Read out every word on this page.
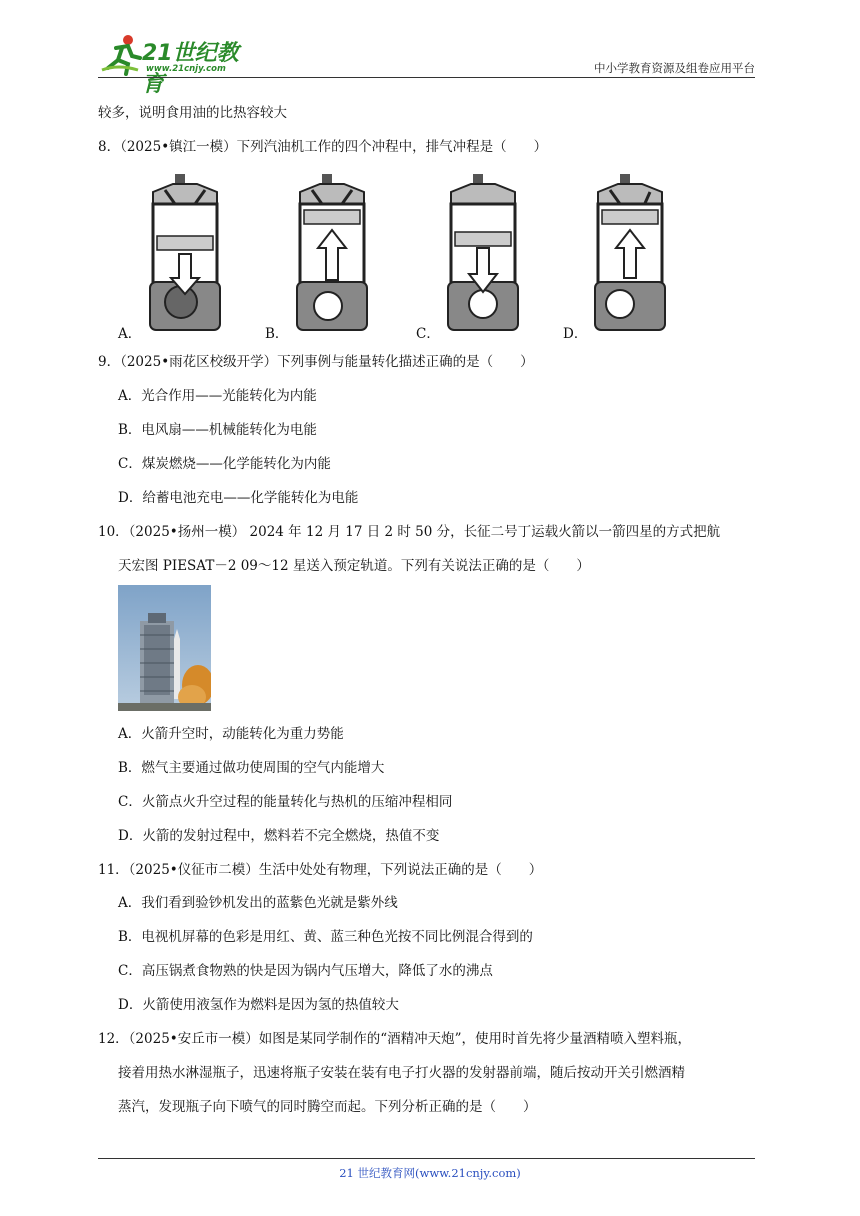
21世纪教育
www.21cnjy.com	中小学教育资源及组卷应用平台
较多，说明食用油的比热容较大
8．（2025•镇江一模）下列汽油机工作的四个冲程中，排气冲程是（　　）
A．	B．	C．	D．
9．（2025•雨花区校级开学）下列事例与能量转化描述正确的是（　　）
A．光合作用——光能转化为内能
B．电风扇——机械能转化为电能
C．煤炭燃烧——化学能转化为内能
D．给蓄电池充电——化学能转化为电能
10．（2025•扬州一模） 2024 年 12 月 17 日 2 时 50 分，长征二号丁运载火箭以一箭四星的方式把航
天宏图 PIESAT－2 09～12 星送入预定轨道。下列有关说法正确的是（　　）
A．火箭升空时，动能转化为重力势能
B．燃气主要通过做功使周围的空气内能增大
C．火箭点火升空过程的能量转化与热机的压缩冲程相同
D．火箭的发射过程中，燃料若不完全燃烧，热值不变
11．（2025•仪征市二模）生活中处处有物理，下列说法正确的是（　　）
A．我们看到验钞机发出的蓝紫色光就是紫外线
B．电视机屏幕的色彩是用红、黄、蓝三种色光按不同比例混合得到的
C．高压锅煮食物熟的快是因为锅内气压增大，降低了水的沸点
D．火箭使用液氢作为燃料是因为氢的热值较大
12．（2025•安丘市一模）如图是某同学制作的“酒精冲天炮”，使用时首先将少量酒精喷入塑料瓶，
接着用热水淋湿瓶子，迅速将瓶子安装在装有电子打火器的发射器前端，随后按动开关引燃酒精
蒸汽，发现瓶子向下喷气的同时腾空而起。下列分析正确的是（　　）
21 世纪教育网(www.21cnjy.com)
